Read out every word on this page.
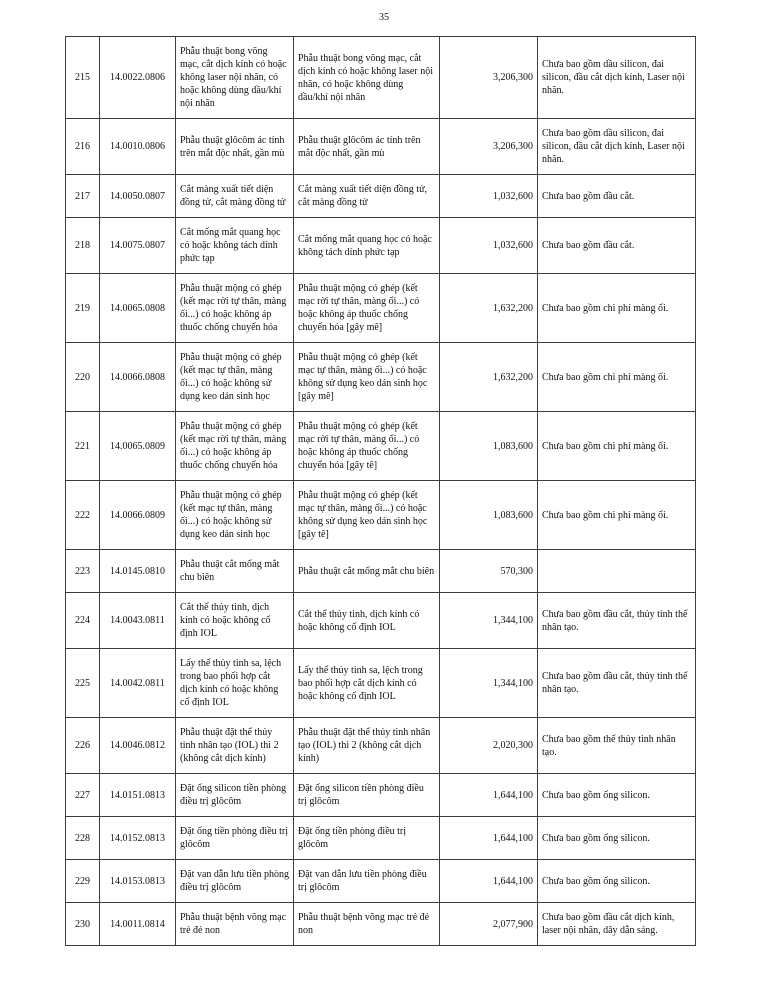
35
215	14.0022.0806	Phẫu thuật bong võng mạc, cắt dịch kính có hoặc không laser nội nhãn, có hoặc không dùng dầu/khí nội nhãn	Phẫu thuật bong võng mạc, cắt dịch kính có hoặc không laser nội nhãn, có hoặc không dùng dầu/khí nội nhãn	3,206,300	Chưa bao gồm dầu silicon, đai silicon, đầu cắt dịch kính, Laser nội nhãn.
216	14.0010.0806	Phẫu thuật glôcôm ác tính trên mắt độc nhất, gần mù	Phẫu thuật glôcôm ác tính trên mắt độc nhất, gần mù	3,206,300	Chưa bao gồm dầu silicon, đai silicon, đầu cắt dịch kính, Laser nội nhãn.
217	14.0050.0807	Cắt màng xuất tiết diện đồng tử, cắt màng đồng tử	Cắt màng xuất tiết diện đồng tử, cắt màng đồng tử	1,032,600	Chưa bao gồm đầu cắt.
218	14.0075.0807	Cắt mống mắt quang học có hoặc không tách dính phức tạp	Cắt mống mắt quang học có hoặc không tách dính phức tạp	1,032,600	Chưa bao gồm đầu cắt.
219	14.0065.0808	Phẫu thuật mộng có ghép (kết mạc rời tự thân, màng ối...) có hoặc không áp thuốc chống chuyển hóa	Phẫu thuật mộng có ghép (kết mạc rời tự thân, màng ối...) có hoặc không áp thuốc chống chuyển hóa [gây mê]	1,632,200	Chưa bao gồm chi phí màng ối.
220	14.0066.0808	Phẫu thuật mộng có ghép (kết mạc tự thân, màng ối...) có hoặc không sử dụng keo dán sinh học	Phẫu thuật mộng có ghép (kết mạc tự thân, màng ối...) có hoặc không sử dụng keo dán sinh học [gây mê]	1,632,200	Chưa bao gồm chi phí màng ối.
221	14.0065.0809	Phẫu thuật mộng có ghép (kết mạc rời tự thân, màng ối...) có hoặc không áp thuốc chống chuyển hóa	Phẫu thuật mộng có ghép (kết mạc rời tự thân, màng ối...) có hoặc không áp thuốc chống chuyển hóa [gây tê]	1,083,600	Chưa bao gồm chi phí màng ối.
222	14.0066.0809	Phẫu thuật mộng có ghép (kết mạc tự thân, màng ối...) có hoặc không sử dụng keo dán sinh học	Phẫu thuật mộng có ghép (kết mạc tự thân, màng ối...) có hoặc không sử dụng keo dán sinh học [gây tê]	1,083,600	Chưa bao gồm chi phí màng ối.
223	14.0145.0810	Phẫu thuật cắt mống mắt chu biên	Phẫu thuật cắt mống mắt chu biên	570,300	
224	14.0043.0811	Cắt thể thủy tinh, dịch kính có hoặc không cố định IOL	Cắt thể thủy tinh, dịch kính có hoặc không cố định IOL	1,344,100	Chưa bao gồm đầu cắt, thủy tinh thể nhân tạo.
225	14.0042.0811	Lấy thể thủy tinh sa, lệch trong bao phối hợp cắt dịch kính có hoặc không cố định IOL	Lấy thể thủy tinh sa, lệch trong bao phối hợp cắt dịch kính có hoặc không cố định IOL	1,344,100	Chưa bao gồm đầu cắt, thủy tinh thể nhân tạo.
226	14.0046.0812	Phẫu thuật đặt thể thủy tinh nhân tạo (IOL) thì 2 (không cắt dịch kính)	Phẫu thuật đặt thể thủy tinh nhân tạo (IOL) thì 2 (không cắt dịch kính)	2,020,300	Chưa bao gồm thể thủy tinh nhân tạo.
227	14.0151.0813	Đặt ống silicon tiền phòng điều trị glôcôm	Đặt ống silicon tiền phòng điều trị glôcôm	1,644,100	Chưa bao gồm ống silicon.
228	14.0152.0813	Đặt ống tiền phòng điều trị glôcôm	Đặt ống tiền phòng điều trị glôcôm	1,644,100	Chưa bao gồm ống silicon.
229	14.0153.0813	Đặt van dẫn lưu tiền phòng điều trị glôcôm	Đặt van dẫn lưu tiền phòng điều trị glôcôm	1,644,100	Chưa bao gồm ống silicon.
230	14.0011.0814	Phẫu thuật bệnh võng mạc trẻ đẻ non	Phẫu thuật bệnh võng mạc trẻ đẻ non	2,077,900	Chưa bao gồm đầu cắt dịch kính, laser nội nhãn, dây dẫn sáng.
